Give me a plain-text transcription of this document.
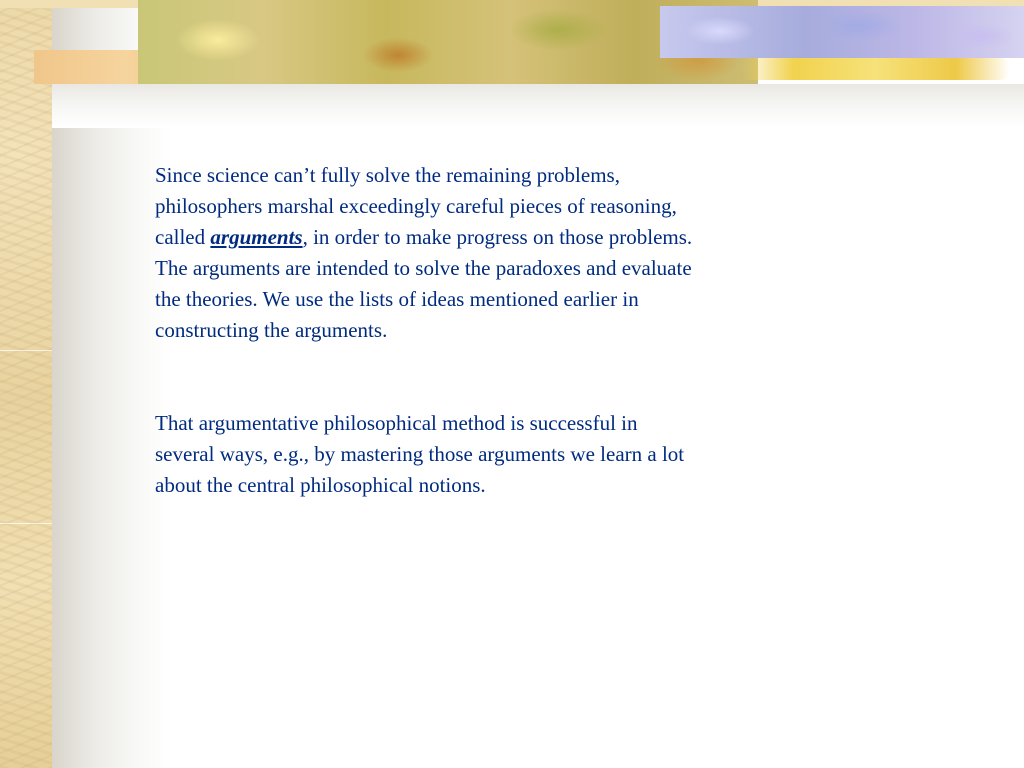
Since science can’t fully solve the remaining problems,
philosophers marshal exceedingly careful pieces of reasoning,
called arguments, in order to make progress on those problems.
The arguments are intended to solve the paradoxes and evaluate
the theories. We use the lists of ideas mentioned earlier in
constructing the arguments.

That argumentative philosophical method is successful in
several ways, e.g., by mastering those arguments we learn a lot
about the central philosophical notions.
